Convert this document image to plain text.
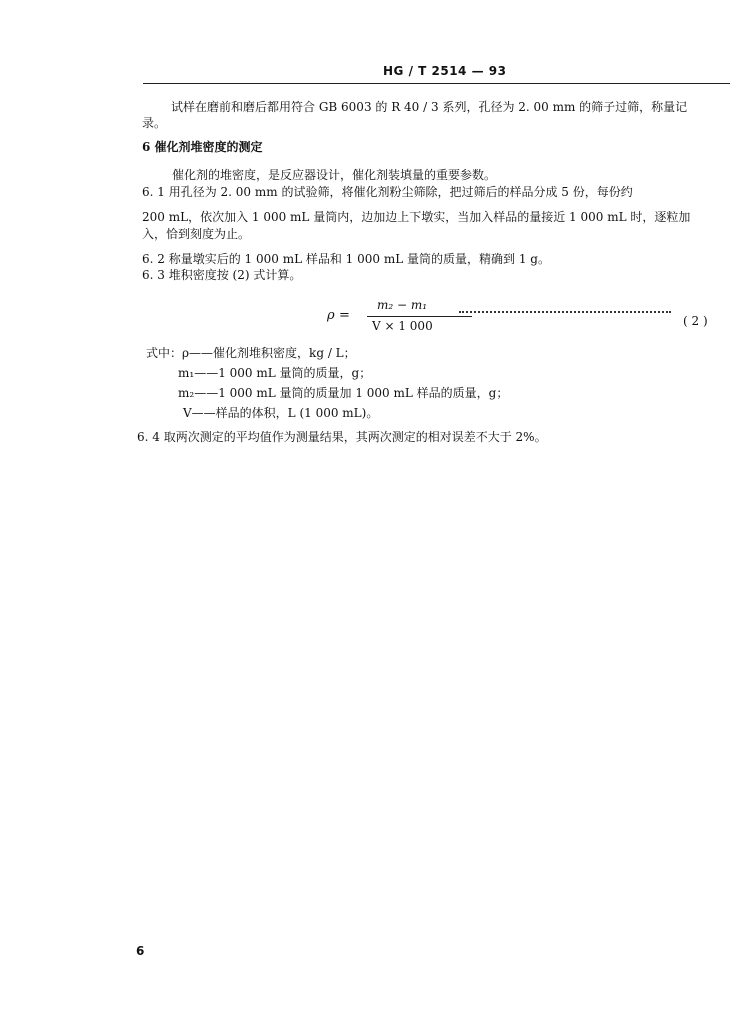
HG / T 2514 — 93
试样在磨前和磨后都用符合 GB 6003 的 R 40 / 3 系列，孔径为 2. 00 mm 的筛子过筛，称量记
录。
6 催化剂堆密度的测定
催化剂的堆密度，是反应器设计，催化剂装填量的重要参数。
6. 1 用孔径为 2. 00 mm 的试验筛，将催化剂粉尘筛除，把过筛后的样品分成 5 份，每份约
200 mL，依次加入 1 000 mL 量筒内，边加边上下墩实，当加入样品的量接近 1 000 mL 时，逐粒加
入，恰到刻度为止。
6. 2 称量墩实后的 1 000 mL 样品和 1 000 mL 量筒的质量，精确到 1 g。
6. 3 堆积密度按 (2) 式计算。
ρ =
m₂ − m₁
V × 1 000	( 2 )
式中：ρ——催化剂堆积密度，kg / L；
m₁——1 000 mL 量筒的质量，g；
m₂——1 000 mL 量筒的质量加 1 000 mL 样品的质量，g；
V——样品的体积，L (1 000 mL)。
6. 4 取两次测定的平均值作为测量结果，其两次测定的相对误差不大于 2%。
6
